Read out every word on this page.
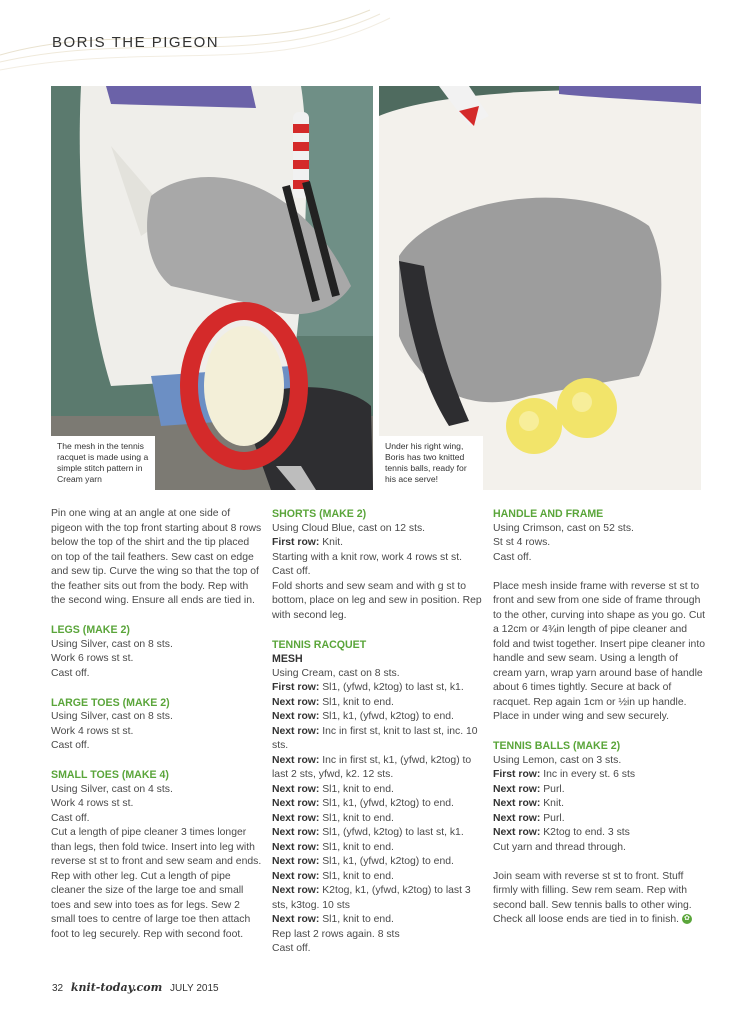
BORIS THE PIGEON
The mesh in the tennis racquet is made using a simple stitch pattern in Cream yarn
Under his right wing, Boris has two knitted tennis balls, ready for his ace serve!

Pin one wing at an angle at one side of pigeon with the top front starting about 8 rows below the top of the shirt and the tip placed on top of the tail feathers. Sew cast on edge and sew tip. Curve the wing so that the top of the feather sits out from the body. Rep with the second wing. Ensure all ends are tied in.

LEGS (MAKE 2)

Using Silver, cast on 8 sts.

Work 6 rows st st.

Cast off.

LARGE TOES (MAKE 2)

Using Silver, cast on 8 sts.

Work 4 rows st st.

Cast off.

SMALL TOES (MAKE 4)

Using Silver, cast on 4 sts.

Work 4 rows st st.

Cast off.

Cut a length of pipe cleaner 3 times longer than legs, then fold twice. Insert into leg with reverse st st to front and sew seam and ends. Rep with other leg. Cut a length of pipe cleaner the size of the large toe and small toes and sew into toes as for legs. Sew 2 small toes to centre of large toe then attach foot to leg securely. Rep with second foot.

SHORTS (MAKE 2)

Using Cloud Blue, cast on 12 sts.

First row: Knit.

Starting with a knit row, work 4 rows st st.

Cast off.

Fold shorts and sew seam and with g st to bottom, place on leg and sew in position. Rep with second leg.

TENNIS RACQUET

MESH

Using Cream, cast on 8 sts.

First row: Sl1, (yfwd, k2tog) to last st, k1.

Next row: Sl1, knit to end.

Next row: Sl1, k1, (yfwd, k2tog) to end.

Next row: Inc in first st, knit to last st, inc. 10 sts.

Next row: Inc in first st, k1, (yfwd, k2tog) to last 2 sts, yfwd, k2. 12 sts.

Next row: Sl1, knit to end.

Next row: Sl1, k1, (yfwd, k2tog) to end.

Next row: Sl1, knit to end.

Next row: Sl1, (yfwd, k2tog) to last st, k1.

Next row: Sl1, knit to end.

Next row: Sl1, k1, (yfwd, k2tog) to end.

Next row: Sl1, knit to end.

Next row: K2tog, k1, (yfwd, k2tog) to last 3 sts, k3tog. 10 sts

Next row: Sl1, knit to end.

Rep last 2 rows again. 8 sts

Cast off.

HANDLE AND FRAME

Using Crimson, cast on 52 sts.

St st 4 rows.

Cast off.

Place mesh inside frame with reverse st st to front and sew from one side of frame through to the other, curving into shape as you go. Cut a 12cm or 4¾in length of pipe cleaner and fold and twist together. Insert pipe cleaner into handle and sew seam. Using a length of cream yarn, wrap yarn around base of handle about 6 times tightly. Secure at back of racquet. Rep again 1cm or ½in up handle. Place in under wing and sew securely.

TENNIS BALLS (MAKE 2)

Using Lemon, cast on 3 sts.

First row: Inc in every st. 6 sts

Next row: Purl.

Next row: Knit.

Next row: Purl.

Next row: K2tog to end. 3 sts

Cut yarn and thread through.

Join seam with reverse st st to front. Stuff firmly with filling. Sew rem seam. Rep with second ball. Sew tennis balls to other wing. Check all loose ends are tied in to finish. ✿

32 knit-today.com JULY 2015
